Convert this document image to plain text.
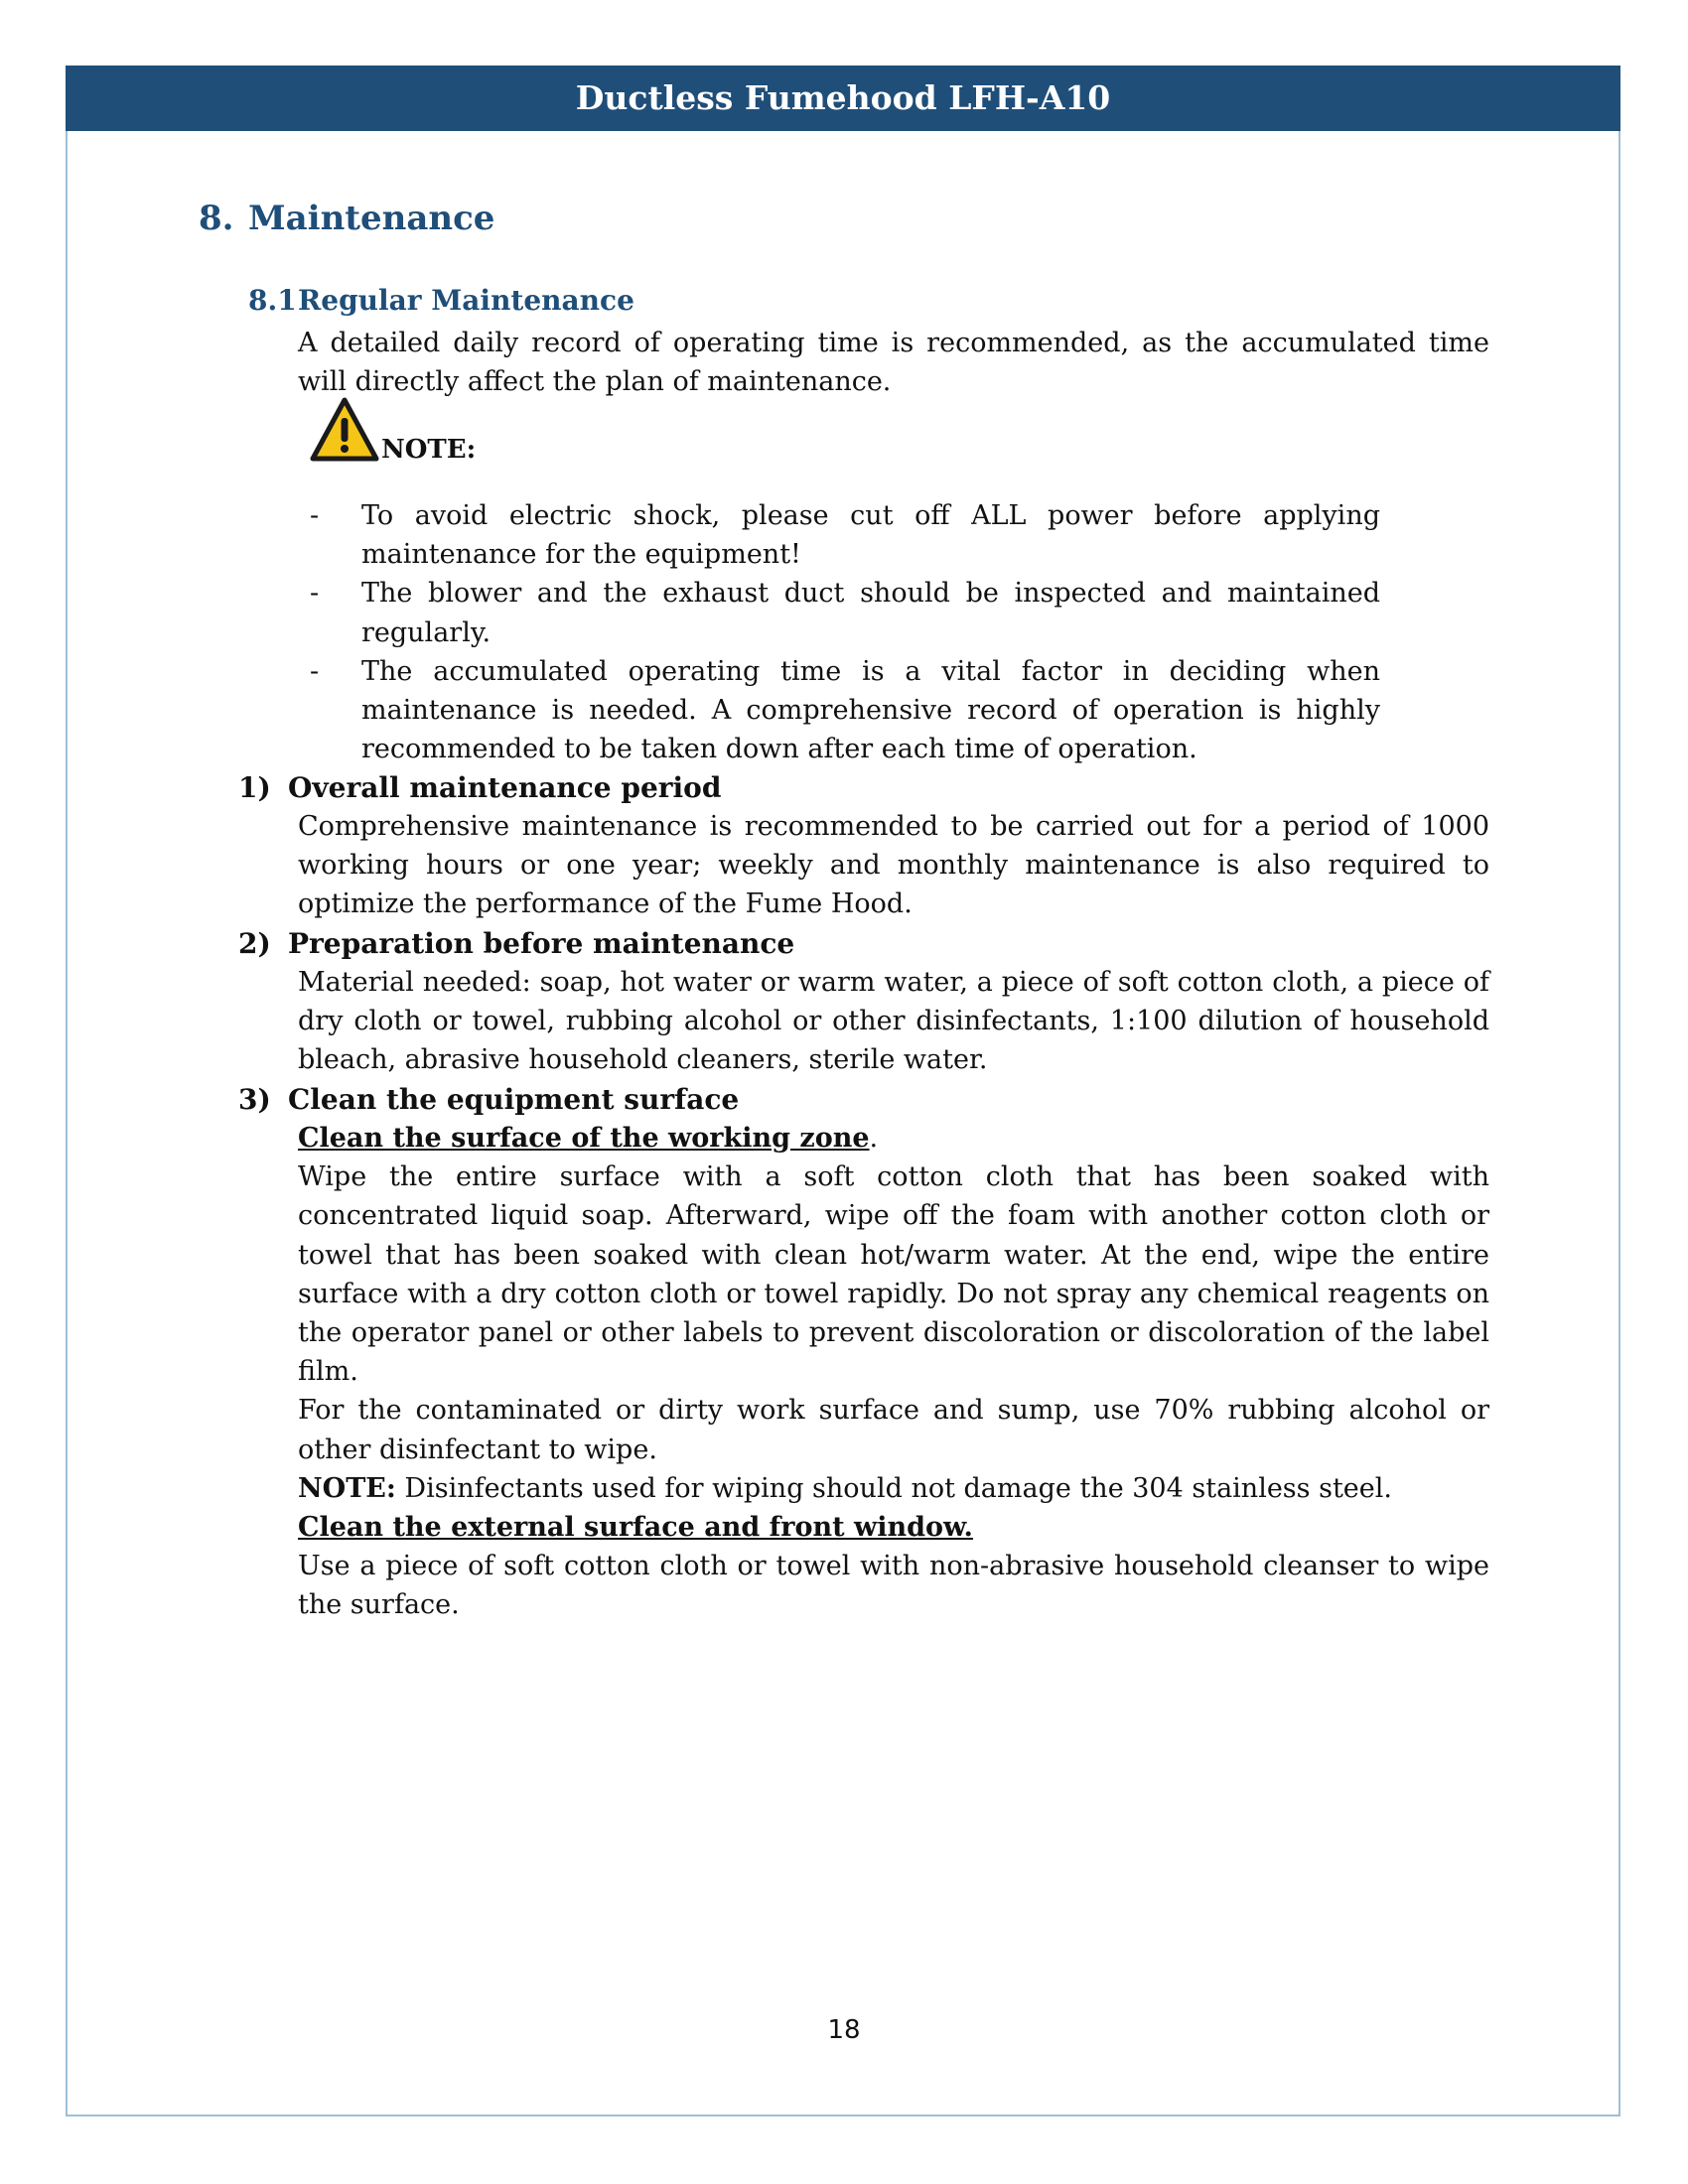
Ductless Fumehood LFH-A10
8. Maintenance
8.1Regular Maintenance
A detailed daily record of operating time is recommended, as the accumulated time will directly affect the plan of maintenance.
NOTE:
- To avoid electric shock, please cut off ALL power before applying maintenance for the equipment!
- The blower and the exhaust duct should be inspected and maintained regularly.
- The accumulated operating time is a vital factor in deciding when maintenance is needed. A comprehensive record of operation is highly recommended to be taken down after each time of operation.
1) Overall maintenance period
Comprehensive maintenance is recommended to be carried out for a period of 1000 working hours or one year; weekly and monthly maintenance is also required to optimize the performance of the Fume Hood.
2) Preparation before maintenance
Material needed: soap, hot water or warm water, a piece of soft cotton cloth, a piece of dry cloth or towel, rubbing alcohol or other disinfectants, 1:100 dilution of household bleach, abrasive household cleaners, sterile water.
3) Clean the equipment surface
Clean the surface of the working zone.
Wipe the entire surface with a soft cotton cloth that has been soaked with concentrated liquid soap. Afterward, wipe off the foam with another cotton cloth or towel that has been soaked with clean hot/warm water. At the end, wipe the entire surface with a dry cotton cloth or towel rapidly. Do not spray any chemical reagents on the operator panel or other labels to prevent discoloration or discoloration of the label film.
For the contaminated or dirty work surface and sump, use 70% rubbing alcohol or other disinfectant to wipe.
NOTE: Disinfectants used for wiping should not damage the 304 stainless steel.
Clean the external surface and front window.
Use a piece of soft cotton cloth or towel with non-abrasive household cleanser to wipe the surface.
18
